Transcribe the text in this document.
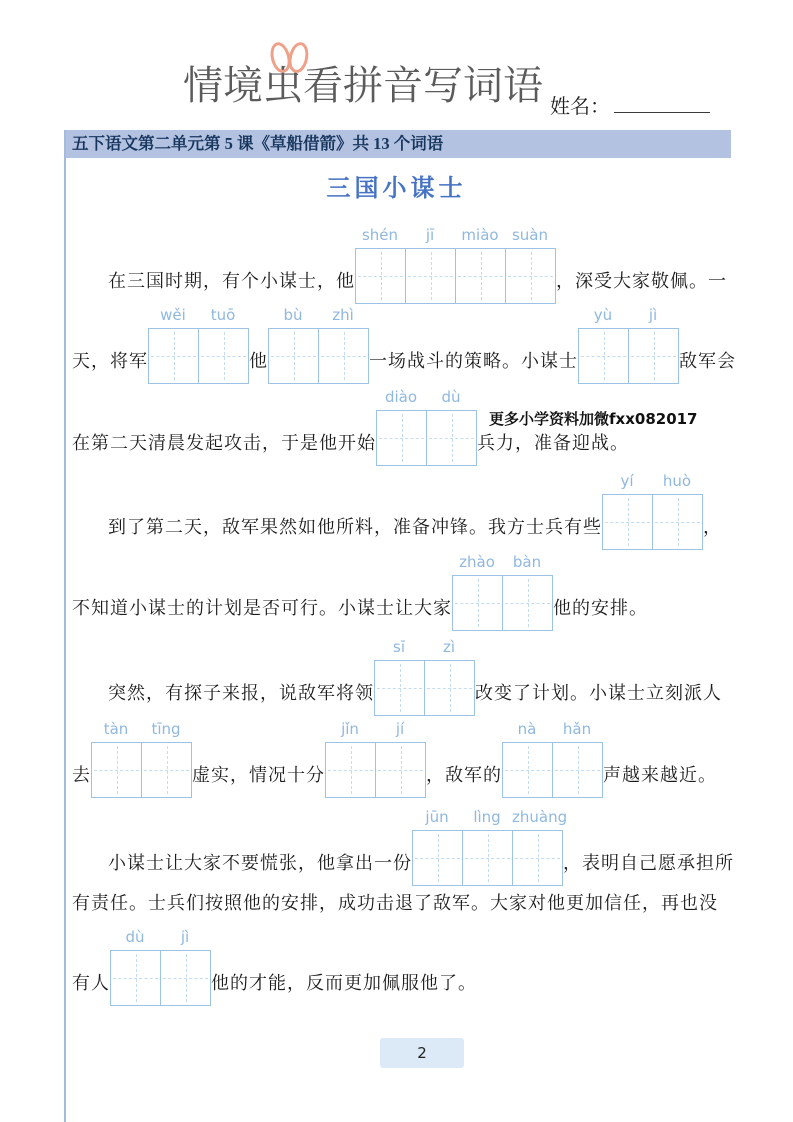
情境虫看拼音写词语 姓名：
五下语文第二单元第 5 课《草船借箭》共 13 个词语
三国小谋士
在三国时期，有个小谋士，他
shén	jī	miào suàn
，深受大家敬佩。一
天，将军
wěi	tuō
他
bù	zhì
一场战斗的策略。小谋士
yù	jì
敌军会
在第二天清晨发起攻击，于是他开始
diào	dù
兵力，准备迎战。
到了第二天，敌军果然如他所料，准备冲锋。我方士兵有些
yí	huò
，
不知道小谋士的计划是否可行。小谋士让大家
zhào	bàn
他的安排。
突然，有探子来报，说敌军将领
sī	zì
改变了计划。小谋士立刻派人
去
tàn	tīng
虚实，情况十分
jǐn	jí
，敌军的
nà	hǎn
声越来越近。
小谋士让大家不要慌张，他拿出一份
jūn	lìng zhuàng
，表明自己愿承担所
有责任。士兵们按照他的安排，成功击退了敌军。大家对他更加信任，再也没
有人
dù	jì
他的才能，反而更加佩服他了。
更多小学资料加微fxx082017
2
